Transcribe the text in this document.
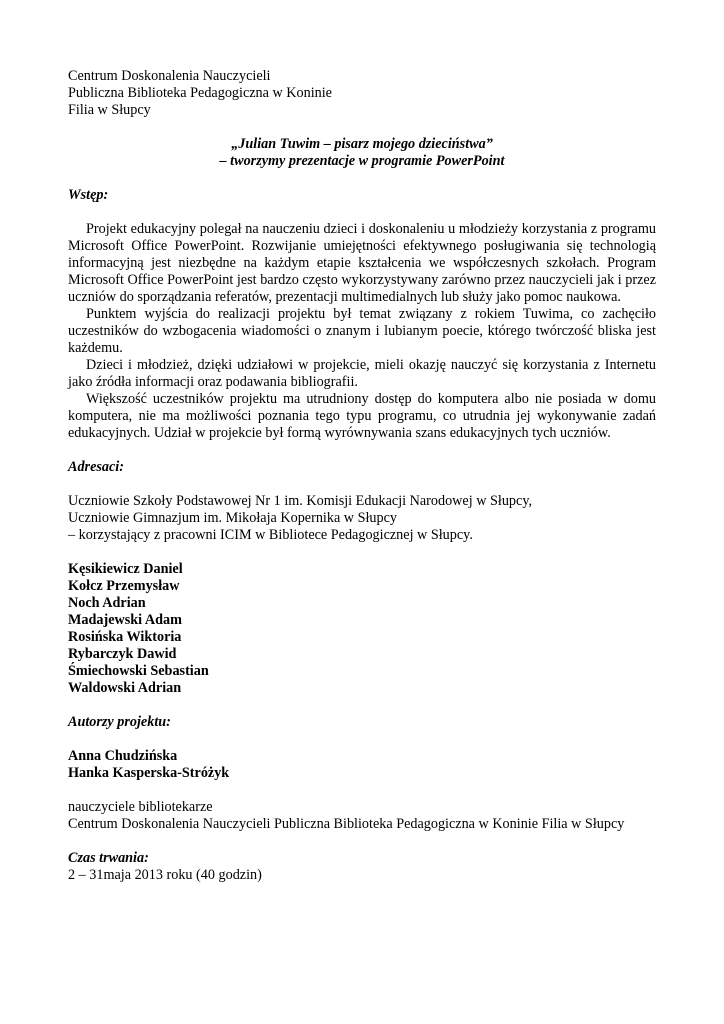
Centrum Doskonalenia Nauczycieli
Publiczna Biblioteka Pedagogiczna w Koninie
Filia w Słupcy
„Julian Tuwim – pisarz mojego dzieciństwa”
– tworzymy prezentacje w programie PowerPoint
Wstęp:

Projekt edukacyjny polegał na nauczeniu dzieci i doskonaleniu u młodzieży korzystania z programu Microsoft Office PowerPoint. Rozwijanie umiejętności efektywnego posługiwania się technologią informacyjną jest niezbędne na każdym etapie kształcenia we współczesnych szkołach. Program Microsoft Office PowerPoint jest bardzo często wykorzystywany zarówno przez nauczycieli jak i przez uczniów do sporządzania referatów, prezentacji multimedialnych lub służy jako pomoc naukowa.

Punktem wyjścia do realizacji projektu był temat związany z rokiem Tuwima, co zachęciło uczestników do wzbogacenia wiadomości o znanym i lubianym poecie, którego twórczość bliska jest każdemu.

Dzieci i młodzież, dzięki udziałowi w projekcie, mieli okazję nauczyć się korzystania z Internetu jako źródła informacji oraz podawania bibliografii.

Większość uczestników projektu ma utrudniony dostęp do komputera albo nie posiada w domu komputera, nie ma możliwości poznania tego typu programu, co utrudnia jej wykonywanie zadań edukacyjnych. Udział w projekcie był formą wyrównywania szans edukacyjnych tych uczniów.

Adresaci:
Uczniowie Szkoły Podstawowej Nr 1 im. Komisji Edukacji Narodowej w Słupcy,
Uczniowie Gimnazjum im. Mikołaja Kopernika w Słupcy
– korzystający z pracowni ICIM w Bibliotece Pedagogicznej w Słupcy.
Kęsikiewicz Daniel
Kołcz Przemysław
Noch Adrian
Madajewski Adam
Rosińska Wiktoria
Rybarczyk Dawid
Śmiechowski Sebastian
Waldowski Adrian
Autorzy projektu:
Anna Chudzińska
Hanka Kasperska-Stróżyk
nauczyciele bibliotekarze
Centrum Doskonalenia Nauczycieli Publiczna Biblioteka Pedagogiczna w Koninie Filia w Słupcy
Czas trwania:
2 – 31maja 2013 roku (40 godzin)
